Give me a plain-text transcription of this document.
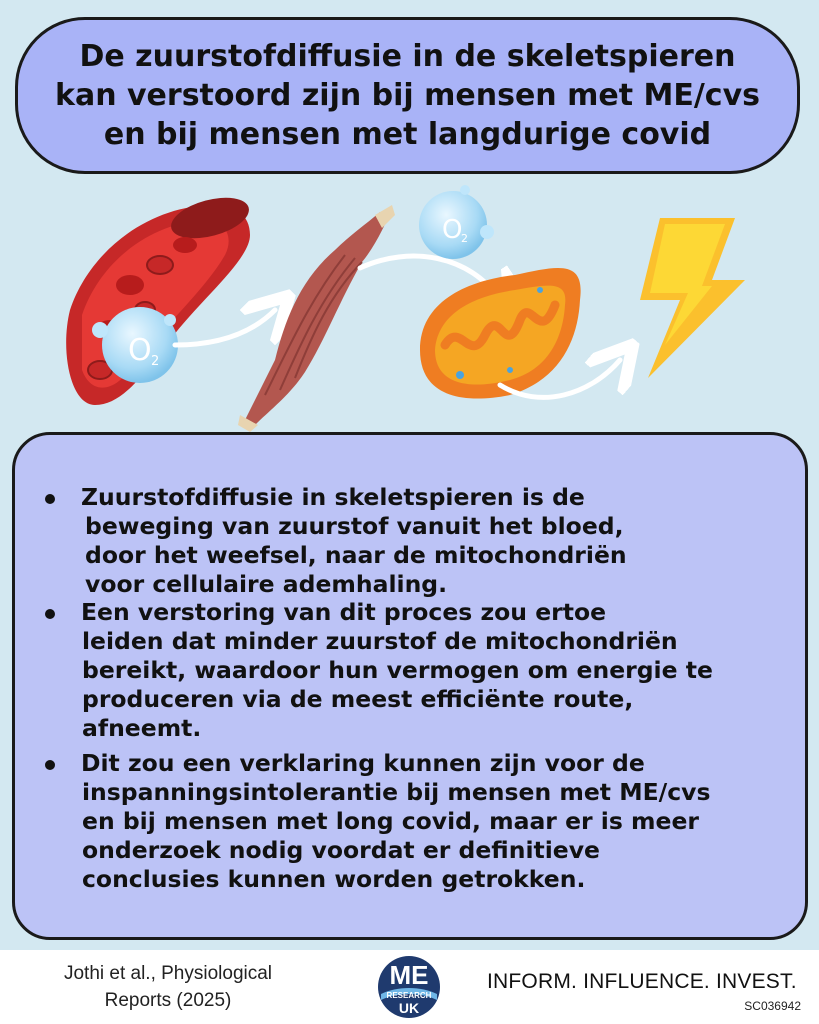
De zuurstofdiffusie in de skeletspieren
kan verstoord zijn bij mensen met ME/cvs
en bij mensen met langdurige covid
O 2
O
2
Zuurstofdiffusie in skeletspieren is de
beweging van zuurstof vanuit het bloed,
door het weefsel, naar de mitochondriën
voor cellulaire ademhaling.
Een verstoring van dit proces zou ertoe
leiden dat minder zuurstof de mitochondriën
bereikt, waardoor hun vermogen om energie te
produceren via de meest efficiënte route,
afneemt.
Dit zou een verklaring kunnen zijn voor de
inspanningsintolerantie bij mensen met ME/cvs
en bij mensen met long covid, maar er is meer
onderzoek nodig voordat er definitieve
conclusies kunnen worden getrokken.
Jothi et al., Physiological
Reports (2025)
ME
RESEARCH
UK
INFORM. INFLUENCE. INVEST.
SC036942
